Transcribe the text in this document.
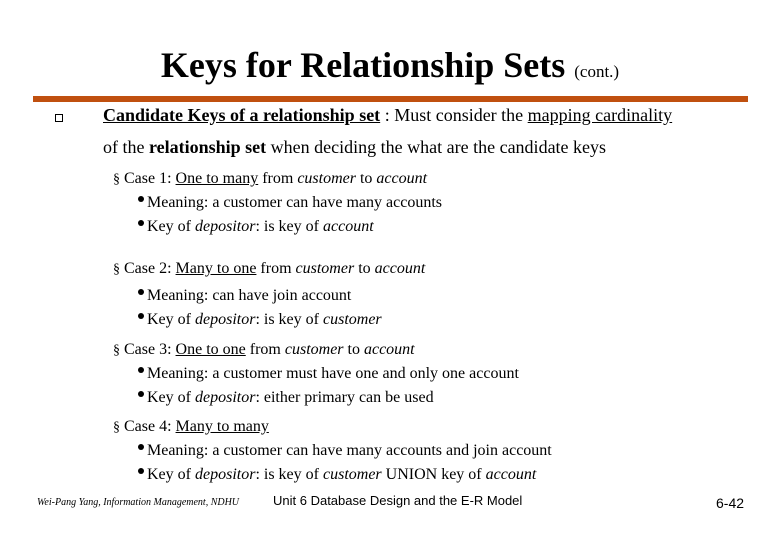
Keys for Relationship Sets (cont.)
Candidate Keys of a relationship set : Must consider the mapping cardinality
of the relationship set when deciding the what are the candidate keys
§ Case 1: One to many from customer to account
Meaning: a customer can have many accounts
Key of depositor: is key of account
§ Case 2: Many to one from customer to account
Meaning: can have join account
Key of depositor: is key of customer
§ Case 3: One to one from customer to account
Meaning: a customer must have one and only one account
Key of depositor: either primary can be used
§ Case 4: Many to many
Meaning: a customer can have many accounts and join account
Key of depositor: is key of customer UNION key of account
Wei-Pang Yang, Information Management, NDHU	Unit 6 Database Design and the E-R Model	6-42
